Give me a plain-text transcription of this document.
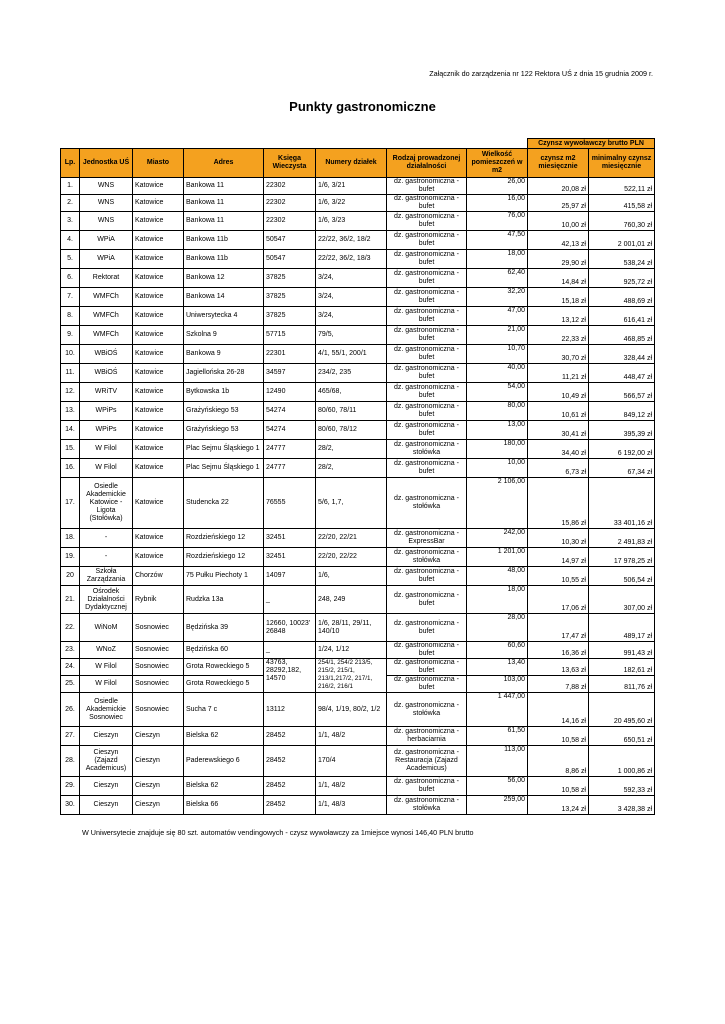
Załącznik do zarządzenia nr 122 Rektora UŚ z dnia 15 grudnia 2009 r.
Punkty gastronomiczne
								Czynsz wywoławczy brutto PLN	
Lp.	Jednostka UŚ	Miasto	Adres	Księga Wieczysta	Numery działek	Rodzaj prowadzonej działalności	Wielkość pomieszczeń w m2	czynsz m2 miesięcznie	minimalny czynsz miesięcznie
1.	WNS	Katowice	Bankowa 11	22302	1/6, 3/21	dz. gastronomiczna - bufet	26,00	20,08 zł	522,11 zł
2.	WNS	Katowice	Bankowa 11	22302	1/6, 3/22	dz. gastronomiczna - bufet	16,00	25,97 zł	415,58 zł
3.	WNS	Katowice	Bankowa 11	22302	1/6, 3/23	dz. gastronomiczna - bufet	76,00	10,00 zł	760,30 zł
4.	WPiA	Katowice	Bankowa 11b	50547	22/22, 36/2, 18/2	dz. gastronomiczna - bufet	47,50	42,13 zł	2 001,01 zł
5.	WPiA	Katowice	Bankowa 11b	50547	22/22, 36/2, 18/3	dz. gastronomiczna - bufet	18,00	29,90 zł	538,24 zł
6.	Rektorat	Katowice	Bankowa 12	37825	3/24,	dz. gastronomiczna - bufet	62,40	14,84 zł	925,72 zł
7.	WMFCh	Katowice	Bankowa 14	37825	3/24,	dz. gastronomiczna - bufet	32,20	15,18 zł	488,69 zł
8.	WMFCh	Katowice	Uniwersytecka 4	37825	3/24,	dz. gastronomiczna - bufet	47,00	13,12 zł	616,41 zł
9.	WMFCh	Katowice	Szkolna 9	57715	79/5,	dz. gastronomiczna - bufet	21,00	22,33 zł	468,85 zł
10.	WBiOŚ	Katowice	Bankowa 9	22301	4/1, 55/1, 200/1	dz. gastronomiczna - bufet	10,70	30,70 zł	328,44 zł
11.	WBiOŚ	Katowice	Jagiellońska 26-28	34597	234/2, 235	dz. gastronomiczna - bufet	40,00	11,21 zł	448,47 zł
12.	WRiTV	Katowice	Bytkowska 1b	12490	465/68,	dz. gastronomiczna - bufet	54,00	10,49 zł	566,57 zł
13.	WPiPs	Katowice	Grażyńskiego 53	54274	80/60, 78/11	dz. gastronomiczna - bufet	80,00	10,61 zł	849,12 zł
14.	WPiPs	Katowice	Grażyńskiego 53	54274	80/60, 78/12	dz. gastronomiczna - bufet	13,00	30,41 zł	395,39 zł
15.	W Filol	Katowice	Plac Sejmu Śląskiego 1	24777	28/2,	dz. gastronomiczna - stołówka	180,00	34,40 zł	6 192,00 zł
16.	W Filol	Katowice	Plac Sejmu Śląskiego 1	24777	28/2,	dz. gastronomiczna - bufet	10,00	6,73 zł	67,34 zł
17.	Osiedle Akademickie Katowice - Ligota (Stołówka)	Katowice	Studencka 22	76555	5/6, 1,7,	dz. gastronomiczna - stołówka	2 106,00	15,86 zł	33 401,16 zł
18.	-	Katowice	Rozdzieńskiego 12	32451	22/20, 22/21	dz. gastronomiczna - ExpressBar	242,00	10,30 zł	2 491,83 zł
19.	-	Katowice	Rozdzieńskiego 12	32451	22/20, 22/22	dz. gastronomiczna - stołówka	1 201,00	14,97 zł	17 978,25 zł
20	Szkoła Zarządzania	Chorzów	75 Pułku Piechoty 1	14097	1/6,	dz. gastronomiczna - bufet	48,00	10,55 zł	506,54 zł
21.	Ośrodek Działalności Dydaktycznej	Rybnik	Rudzka 13a	_	248, 249	dz. gastronomiczna - bufet	18,00	17,06 zł	307,00 zł
22.	WiNoM	Sosnowiec	Będzińska 39	12660, 10023' 26848	1/6, 28/11, 29/11, 140/10	dz. gastronomiczna - bufet	28,00	17,47 zł	489,17 zł
23.	WNoZ	Sosnowiec	Będzińska 60	_	1/24, 1/12	dz. gastronomiczna - bufet	60,60	16,36 zł	991,43 zł
24.	W Filol	Sosnowiec	Grota Roweckiego 5	43763, 28292,182, 14570	254/1, 254/2 213/5, 215/2, 215/1, 213/1,217/2, 217/1, 216/2, 216/1	dz. gastronomiczna - bufet	13,40	13,63 zł	182,61 zł
25.	W Filol	Sosnowiec	Grota Roweckiego 5			dz. gastronomiczna - bufet	103,00	7,88 zł	811,76 zł
26.	Osiedle Akademickie Sosnowiec	Sosnowiec	Sucha 7 c	13112	98/4, 1/19, 80/2, 1/2	dz. gastronomiczna - stołówka	1 447,00	14,16 zł	20 495,60 zł
27.	Cieszyn	Cieszyn	Bielska 62	28452	1/1, 48/2	dz. gastronomiczna - herbaciarnia	61,50	10,58 zł	650,51 zł
28.	Cieszyn (Zajazd Academicus)	Cieszyn	Paderewskiego 6	28452	170/4	dz. gastronomiczna - Restauracja (Zajazd Academicus)	113,00	8,86 zł	1 000,86 zł
29.	Cieszyn	Cieszyn	Bielska 62	28452	1/1, 48/2	dz. gastronomiczna - bufet	56,00	10,58 zł	592,33 zł
30.	Cieszyn	Cieszyn	Bielska 66	28452	1/1, 48/3	dz. gastronomiczna - stołówka	259,00	13,24 zł	3 428,38 zł
W Uniwersytecie znajduje się 80 szt. automatów vendingowych - czysz wywoławczy za 1miejsce wynosi 146,40 PLN brutto
